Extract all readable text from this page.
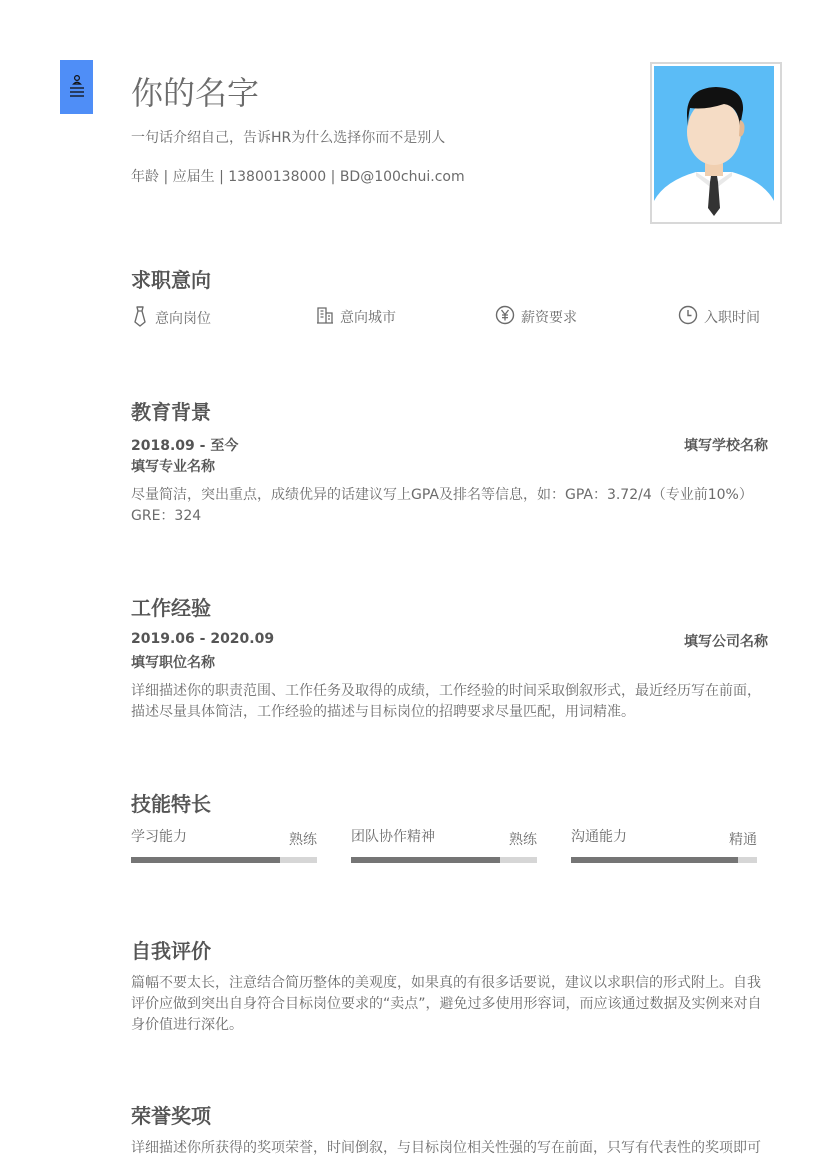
你的名字
一句话介绍自己，告诉HR为什么选择你而不是别人
年龄 | 应届生 | 13800138000 | BD@100chui.com
求职意向
意向岗位	意向城市	薪资要求	入职时间
教育背景
2018.09 - 至今	填写学校名称
填写专业名称
尽量简洁，突出重点，成绩优异的话建议写上GPA及排名等信息，如：GPA：3.72/4（专业前10%） GRE：324
工作经验
2019.06 - 2020.09	填写公司名称
填写职位名称
详细描述你的职责范围、工作任务及取得的成绩，工作经验的时间采取倒叙形式，最近经历写在前面，描述尽量具体简洁，工作经验的描述与目标岗位的招聘要求尽量匹配，用词精准。
技能特长
学习能力	熟练 团队协作精神	熟练 沟通能力	精通
自我评价
篇幅不要太长，注意结合简历整体的美观度，如果真的有很多话要说，建议以求职信的形式附上。自我评价应做到突出自身符合目标岗位要求的“卖点”，避免过多使用形容词，而应该通过数据及实例来对自身价值进行深化。
荣誉奖项
详细描述你所获得的奖项荣誉，时间倒叙，与目标岗位相关性强的写在前面，只写有代表性的奖项即可
